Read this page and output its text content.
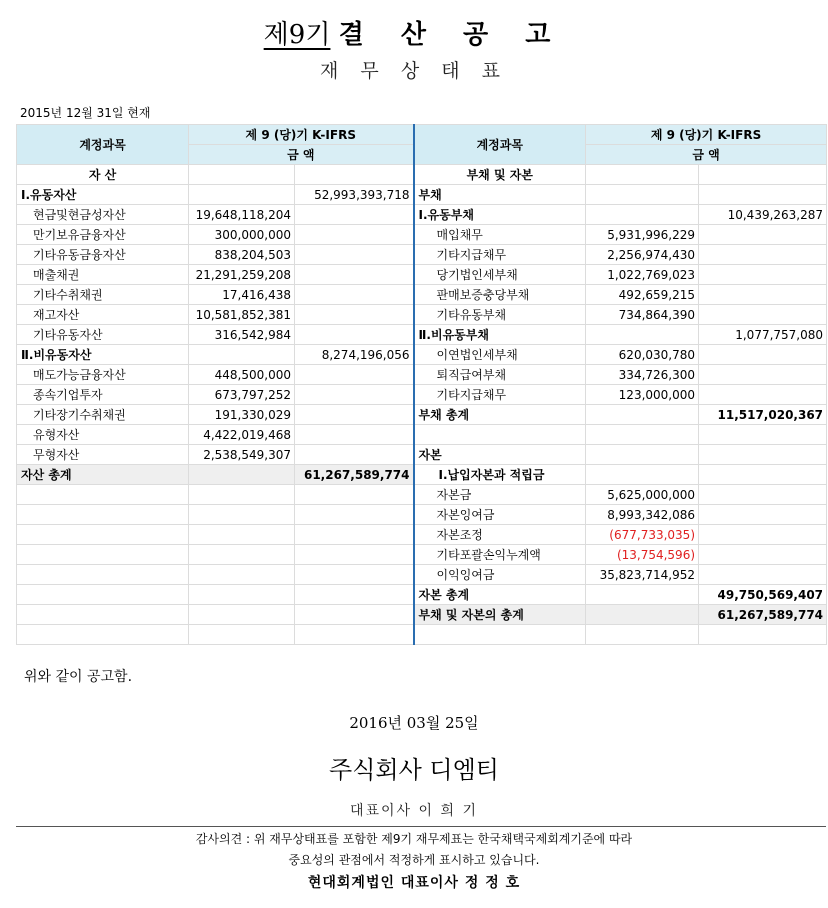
제9기 결 산 공 고
재 무 상 태 표
2015년 12월 31일 현재
계정과목	제 9 (당)기 K-IFRS		계정과목	제 9 (당)기 K-IFRS	
	금 액			금 액	
자 산			부채 및 자본		
Ⅰ.유동자산		52,993,393,718	부채		
현금및현금성자산	19,648,118,204		Ⅰ.유동부채		10,439,263,287
만기보유금융자산	300,000,000		매입채무	5,931,996,229	
기타유동금융자산	838,204,503		기타지급채무	2,256,974,430	
매출채권	21,291,259,208		당기법인세부채	1,022,769,023	
기타수취채권	17,416,438		판매보증충당부채	492,659,215	
재고자산	10,581,852,381		기타유동부채	734,864,390	
기타유동자산	316,542,984		Ⅱ.비유동부채		1,077,757,080
Ⅱ.비유동자산		8,274,196,056	이연법인세부채	620,030,780	
매도가능금융자산	448,500,000		퇴직급여부채	334,726,300	
종속기업투자	673,797,252		기타지급채무	123,000,000	
기타장기수취채권	191,330,029		부채 총계		11,517,020,367
유형자산	4,422,019,468				
무형자산	2,538,549,307		자본		
자산 총계		61,267,589,774	Ⅰ.납입자본과 적립금		
			자본금	5,625,000,000	
			자본잉여금	8,993,342,086	
			자본조정	(677,733,035)	
			기타포괄손익누계액	(13,754,596)	
			이익잉여금	35,823,714,952	
			자본 총계		49,750,569,407
			부채 및 자본의 총계		61,267,589,774

위와 같이 공고함.
2016년 03월 25일
주식회사 디엠티
대표이사 이 희 기
감사의견 : 위 재무상태표를 포함한 제9기 재무제표는 한국채택국제회계기준에 따라
중요성의 관점에서 적정하게 표시하고 있습니다.
현대회계법인 대표이사 정 정 호
